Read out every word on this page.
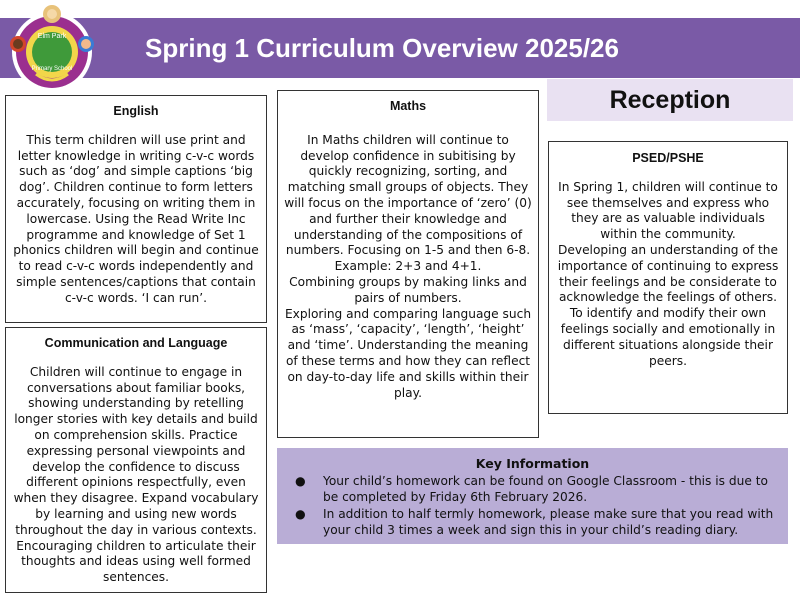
Spring 1 Curriculum Overview 2025/26
Elm Park
Primary School
Reception
English

This term children will use print and letter knowledge in writing c-v-c words such as ‘dog’ and simple captions ‘big dog’. Children continue to form letters accurately, focusing on writing them in lowercase. Using the Read Write Inc programme and knowledge of Set 1 phonics children will begin and continue to read c-v-c words independently and simple sentences/captions that contain c-v-c words. ‘I can run’.

Communication and Language

Children will continue to engage in conversations about familiar books, showing understanding by retelling longer stories with key details and build on comprehension skills. Practice expressing personal viewpoints and develop the confidence to discuss different opinions respectfully, even when they disagree. Expand vocabulary by learning and using new words throughout the day in various contexts. Encouraging children to articulate their thoughts and ideas using well formed sentences.

Maths

In Maths children will continue to develop confidence in subitising by quickly recognizing, sorting, and matching small groups of objects. They will focus on the importance of ‘zero’ (0) and further their knowledge and understanding of the compositions of numbers. Focusing on 1-5 and then 6-8. Example: 2+3 and 4+1.
Combining groups by making links and pairs of numbers.
Exploring and comparing language such as ‘mass’, ‘capacity’, ‘length’, ‘height’ and ‘time’. Understanding the meaning of these terms and how they can reflect on day-to-day life and skills within their play.

PSED/PSHE

In Spring 1, children will continue to see themselves and express who they are as valuable individuals within the community.
Developing an understanding of the importance of continuing to express their feelings and be considerate to acknowledge the feelings of others.
To identify and modify their own feelings socially and emotionally in different situations alongside their peers.

Key Information
● Your child’s homework can be found on Google Classroom - this is due to be completed by Friday 6th February 2026.
● In addition to half termly homework, please make sure that you read with your child 3 times a week and sign this in your child’s reading diary.
